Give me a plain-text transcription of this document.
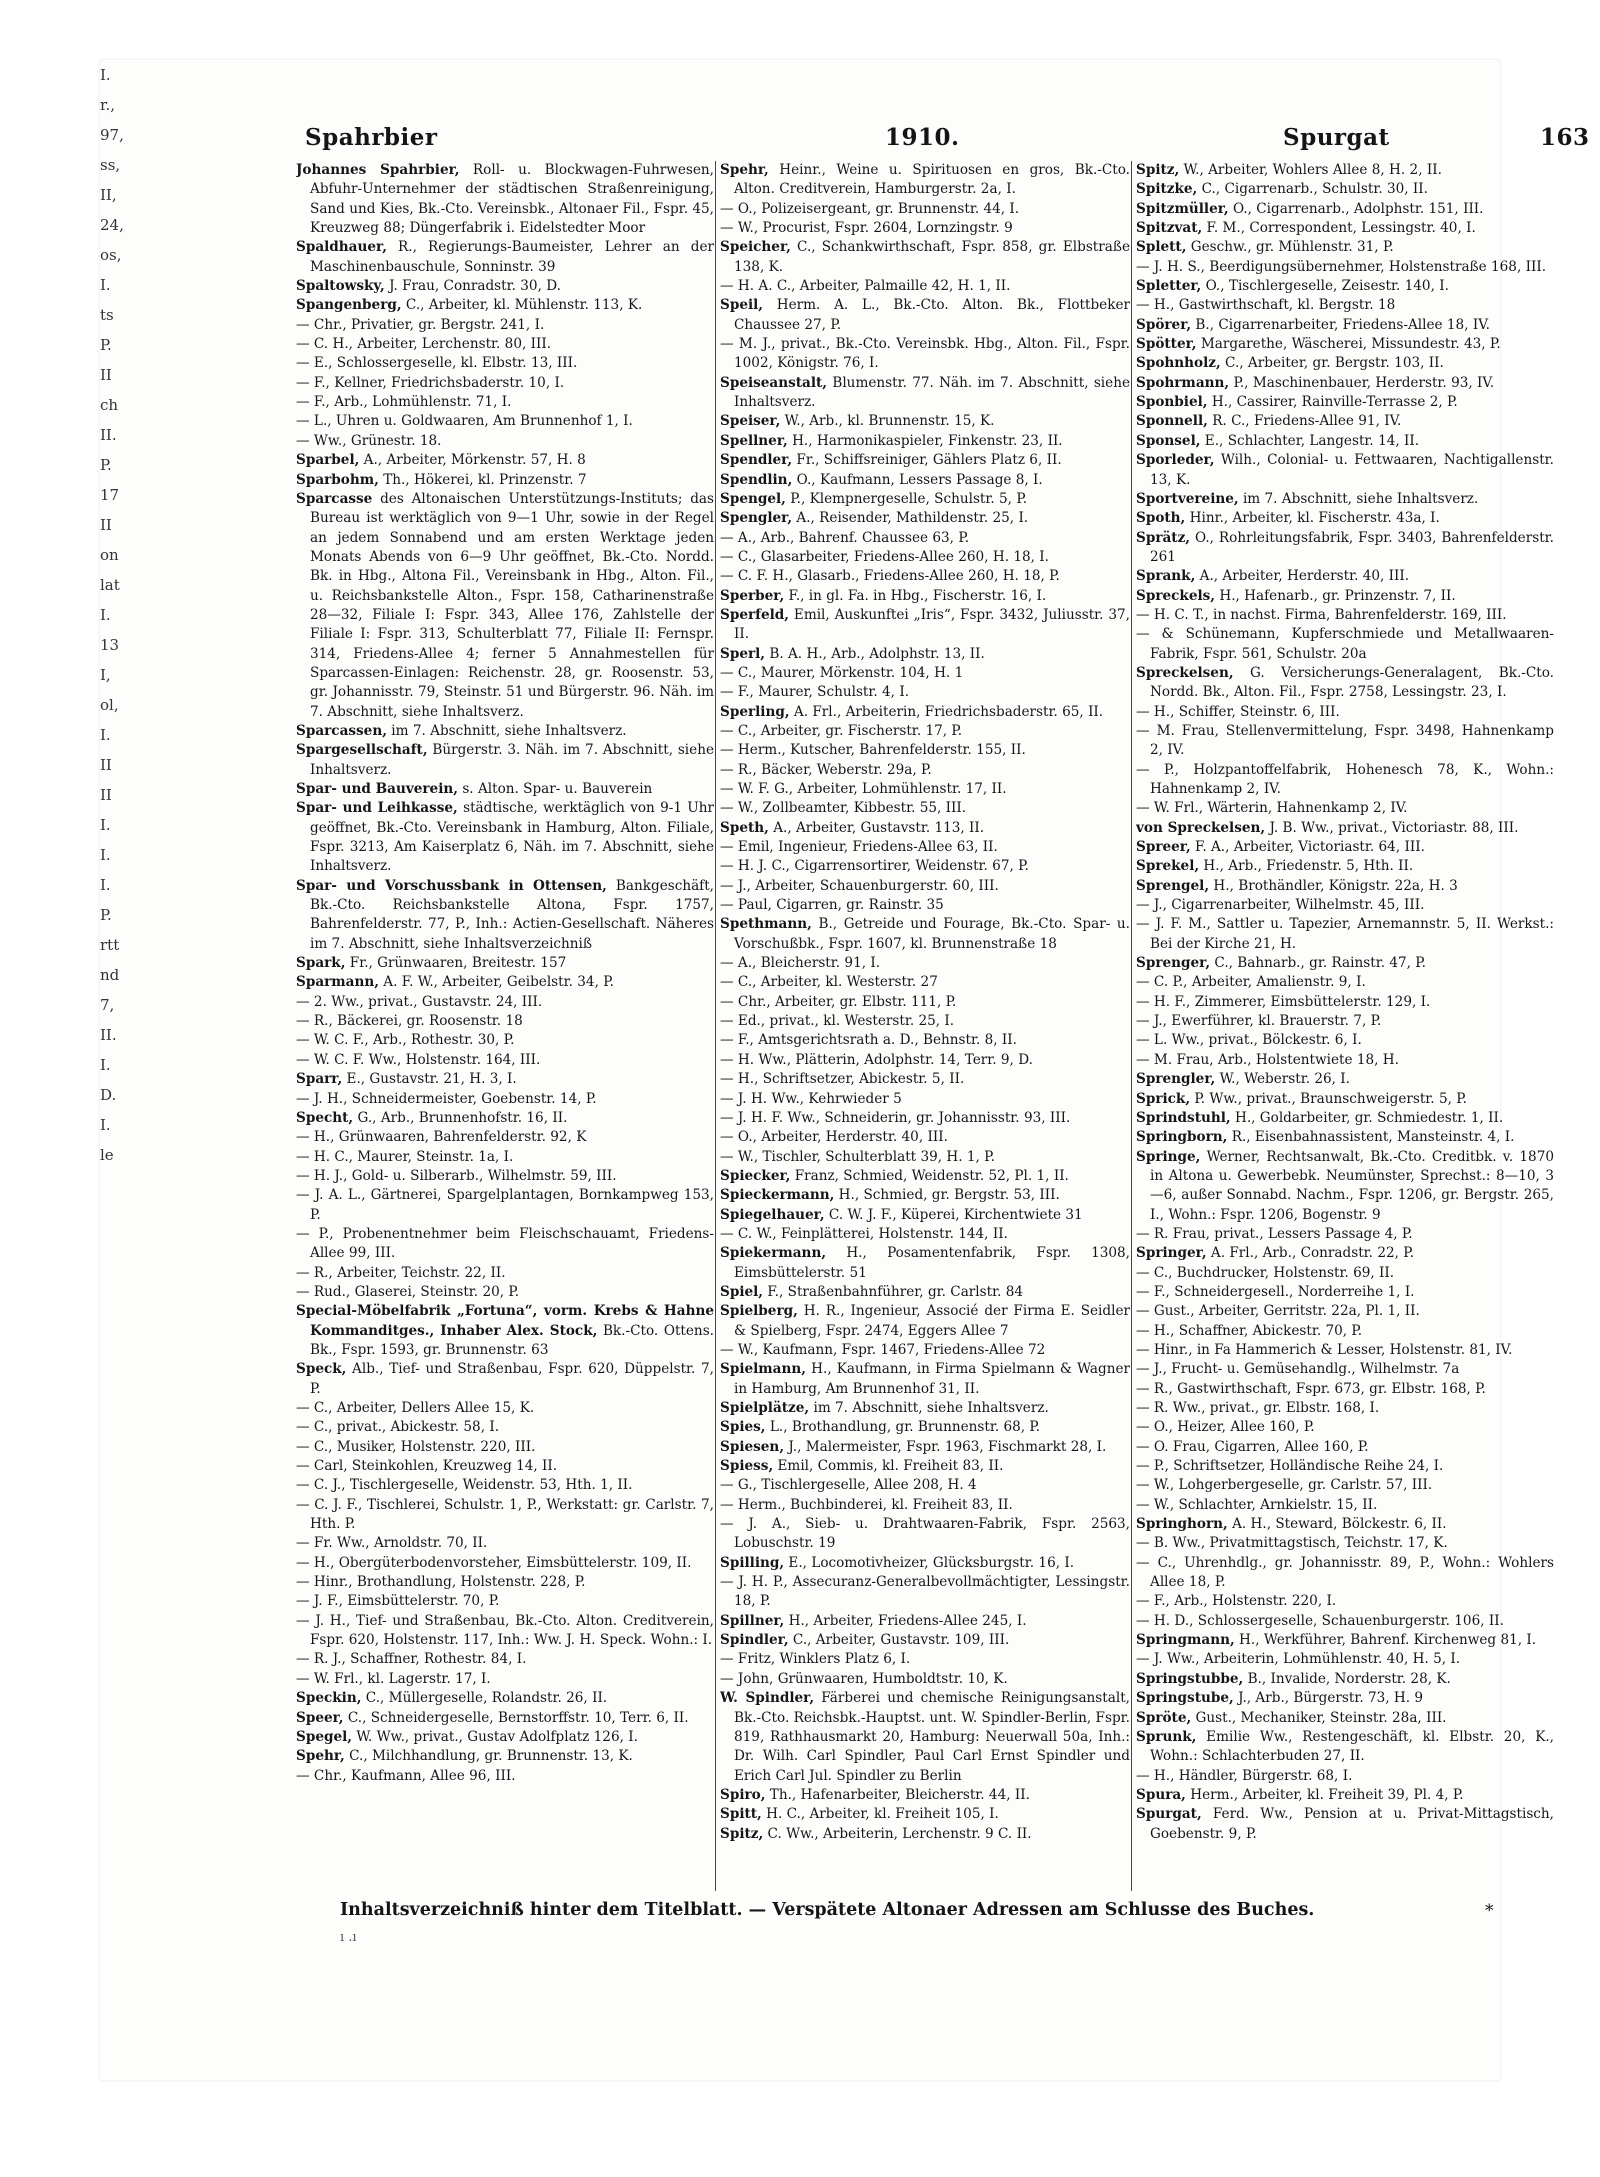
I.
r.,
97,
ss,
II,
24,
os,
I.
ts
P.
II
ch
II.
P.
17
II
on
lat
I.
13
I,
ol,
I.
II
II
I.
I.
I.
P.
rtt
nd
7,
II.
I.
D.
I.
le
Spahrbier	1910.	Spurgat	163

Johannes Spahrbier, Roll- u. Blockwagen-Fuhrwesen, Abfuhr-Unternehmer der städtischen Straßenreinigung, Sand und Kies, Bk.-Cto. Vereinsbk., Altonaer Fil., Fspr. 45, Kreuzweg 88; Düngerfabrik i. Eidelstedter Moor

Spaldhauer, R., Regierungs-Baumeister, Lehrer an der Maschinenbauschule, Sonninstr. 39

Spaltowsky, J. Frau, Conradstr. 30, D.

Spangenberg, C., Arbeiter, kl. Mühlenstr. 113, K.

— Chr., Privatier, gr. Bergstr. 241, I.

— C. H., Arbeiter, Lerchenstr. 80, III.

— E., Schlossergeselle, kl. Elbstr. 13, III.

— F., Kellner, Friedrichsbaderstr. 10, I.

— F., Arb., Lohmühlenstr. 71, I.

— L., Uhren u. Goldwaaren, Am Brunnenhof 1, I.

— Ww., Grünestr. 18.

Sparbel, A., Arbeiter, Mörkenstr. 57, H. 8

Sparbohm, Th., Hökerei, kl. Prinzenstr. 7

Sparcasse des Altonaischen Unterstützungs-Instituts; das Bureau ist werktäglich von 9—1 Uhr, sowie in der Regel an jedem Sonnabend und am ersten Werktage jeden Monats Abends von 6—9 Uhr geöffnet, Bk.-Cto. Nordd. Bk. in Hbg., Altona Fil., Vereinsbank in Hbg., Alton. Fil., u. Reichsbankstelle Alton., Fspr. 158, Catharinenstraße 28—32, Filiale I: Fspr. 343, Allee 176, Zahlstelle der Filiale I: Fspr. 313, Schulterblatt 77, Filiale II: Fernspr. 314, Friedens-Allee 4; ferner 5 Annahmestellen für Sparcassen-Einlagen: Reichenstr. 28, gr. Roosenstr. 53, gr. Johannisstr. 79, Steinstr. 51 und Bürgerstr. 96. Näh. im 7. Abschnitt, siehe Inhaltsverz.

Sparcassen, im 7. Abschnitt, siehe Inhaltsverz.

Spargesellschaft, Bürgerstr. 3. Näh. im 7. Abschnitt, siehe Inhaltsverz.

Spar- und Bauverein, s. Alton. Spar- u. Bauverein

Spar- und Leihkasse, städtische, werktäglich von 9-1 Uhr geöffnet, Bk.-Cto. Vereinsbank in Hamburg, Alton. Filiale, Fspr. 3213, Am Kaiserplatz 6, Näh. im 7. Abschnitt, siehe Inhaltsverz.

Spar- und Vorschussbank in Ottensen, Bankgeschäft, Bk.-Cto. Reichsbankstelle Altona, Fspr. 1757, Bahrenfelderstr. 77, P., Inh.: Actien-Gesellschaft. Näheres im 7. Abschnitt, siehe Inhaltsverzeichniß

Spark, Fr., Grünwaaren, Breitestr. 157

Sparmann, A. F. W., Arbeiter, Geibelstr. 34, P.

— 2. Ww., privat., Gustavstr. 24, III.

— R., Bäckerei, gr. Roosenstr. 18

— W. C. F., Arb., Rothestr. 30, P.

— W. C. F. Ww., Holstenstr. 164, III.

Sparr, E., Gustavstr. 21, H. 3, I.

— J. H., Schneidermeister, Goebenstr. 14, P.

Specht, G., Arb., Brunnenhofstr. 16, II.

— H., Grünwaaren, Bahrenfelderstr. 92, K

— H. C., Maurer, Steinstr. 1a, I.

— H. J., Gold- u. Silberarb., Wilhelmstr. 59, III.

— J. A. L., Gärtnerei, Spargelplantagen, Bornkampweg 153, P.

— P., Probenentnehmer beim Fleischschauamt, Friedens-Allee 99, III.

— R., Arbeiter, Teichstr. 22, II.

— Rud., Glaserei, Steinstr. 20, P.

Special-Möbelfabrik „Fortuna“, vorm. Krebs & Hahne Kommanditges., Inhaber Alex. Stock, Bk.-Cto. Ottens. Bk., Fspr. 1593, gr. Brunnenstr. 63

Speck, Alb., Tief- und Straßenbau, Fspr. 620, Düppelstr. 7, P.

— C., Arbeiter, Dellers Allee 15, K.

— C., privat., Abickestr. 58, I.

— C., Musiker, Holstenstr. 220, III.

— Carl, Steinkohlen, Kreuzweg 14, II.

— C. J., Tischlergeselle, Weidenstr. 53, Hth. 1, II.

— C. J. F., Tischlerei, Schulstr. 1, P., Werkstatt: gr. Carlstr. 7, Hth. P.

— Fr. Ww., Arnoldstr. 70, II.

— H., Obergüterbodenvorsteher, Eimsbüttelerstr. 109, II.

— Hinr., Brothandlung, Holstenstr. 228, P.

— J. F., Eimsbüttelerstr. 70, P.

— J. H., Tief- und Straßenbau, Bk.-Cto. Alton. Creditverein, Fspr. 620, Holstenstr. 117, Inh.: Ww. J. H. Speck. Wohn.: I.

— R. J., Schaffner, Rothestr. 84, I.

— W. Frl., kl. Lagerstr. 17, I.

Speckin, C., Müllergeselle, Rolandstr. 26, II.

Speer, C., Schneidergeselle, Bernstorffstr. 10, Terr. 6, II.

Spegel, W. Ww., privat., Gustav Adolfplatz 126, I.

Spehr, C., Milchhandlung, gr. Brunnenstr. 13, K.

— Chr., Kaufmann, Allee 96, III.

Spehr, Heinr., Weine u. Spirituosen en gros, Bk.-Cto. Alton. Creditverein, Hamburgerstr. 2a, I.

— O., Polizeisergeant, gr. Brunnenstr. 44, I.

— W., Procurist, Fspr. 2604, Lornzingstr. 9

Speicher, C., Schankwirthschaft, Fspr. 858, gr. Elbstraße 138, K.

— H. A. C., Arbeiter, Palmaille 42, H. 1, II.

Speil, Herm. A. L., Bk.-Cto. Alton. Bk., Flottbeker Chaussee 27, P.

— M. J., privat., Bk.-Cto. Vereinsbk. Hbg., Alton. Fil., Fspr. 1002, Königstr. 76, I.

Speiseanstalt, Blumenstr. 77. Näh. im 7. Abschnitt, siehe Inhaltsverz.

Speiser, W., Arb., kl. Brunnenstr. 15, K.

Spellner, H., Harmonikaspieler, Finkenstr. 23, II.

Spendler, Fr., Schiffsreiniger, Gählers Platz 6, II.

Spendlin, O., Kaufmann, Lessers Passage 8, I.

Spengel, P., Klempnergeselle, Schulstr. 5, P.

Spengler, A., Reisender, Mathildenstr. 25, I.

— A., Arb., Bahrenf. Chaussee 63, P.

— C., Glasarbeiter, Friedens-Allee 260, H. 18, I.

— C. F. H., Glasarb., Friedens-Allee 260, H. 18, P.

Sperber, F., in gl. Fa. in Hbg., Fischerstr. 16, I.

Sperfeld, Emil, Auskunftei „Iris“, Fspr. 3432, Juliusstr. 37, II.

Sperl, B. A. H., Arb., Adolphstr. 13, II.

— C., Maurer, Mörkenstr. 104, H. 1

— F., Maurer, Schulstr. 4, I.

Sperling, A. Frl., Arbeiterin, Friedrichsbaderstr. 65, II.

— C., Arbeiter, gr. Fischerstr. 17, P.

— Herm., Kutscher, Bahrenfelderstr. 155, II.

— R., Bäcker, Weberstr. 29a, P.

— W. F. G., Arbeiter, Lohmühlenstr. 17, II.

— W., Zollbeamter, Kibbestr. 55, III.

Speth, A., Arbeiter, Gustavstr. 113, II.

— Emil, Ingenieur, Friedens-Allee 63, II.

— H. J. C., Cigarrensortirer, Weidenstr. 67, P.

— J., Arbeiter, Schauenburgerstr. 60, III.

— Paul, Cigarren, gr. Rainstr. 35

Spethmann, B., Getreide und Fourage, Bk.-Cto. Spar- u. Vorschußbk., Fspr. 1607, kl. Brunnenstraße 18

— A., Bleicherstr. 91, I.

— C., Arbeiter, kl. Westerstr. 27

— Chr., Arbeiter, gr. Elbstr. 111, P.

— Ed., privat., kl. Westerstr. 25, I.

— F., Amtsgerichtsrath a. D., Behnstr. 8, II.

— H. Ww., Plätterin, Adolphstr. 14, Terr. 9, D.

— H., Schriftsetzer, Abickestr. 5, II.

— J. H. Ww., Kehrwieder 5

— J. H. F. Ww., Schneiderin, gr. Johannisstr. 93, III.

— O., Arbeiter, Herderstr. 40, III.

— W., Tischler, Schulterblatt 39, H. 1, P.

Spiecker, Franz, Schmied, Weidenstr. 52, Pl. 1, II.

Spieckermann, H., Schmied, gr. Bergstr. 53, III.

Spiegelhauer, C. W. J. F., Küperei, Kirchentwiete 31

— C. W., Feinplätterei, Holstenstr. 144, II.

Spiekermann, H., Posamentenfabrik, Fspr. 1308, Eimsbüttelerstr. 51

Spiel, F., Straßenbahnführer, gr. Carlstr. 84

Spielberg, H. R., Ingenieur, Associé der Firma E. Seidler & Spielberg, Fspr. 2474, Eggers Allee 7

— W., Kaufmann, Fspr. 1467, Friedens-Allee 72

Spielmann, H., Kaufmann, in Firma Spielmann & Wagner in Hamburg, Am Brunnenhof 31, II.

Spielplätze, im 7. Abschnitt, siehe Inhaltsverz.

Spies, L., Brothandlung, gr. Brunnenstr. 68, P.

Spiesen, J., Malermeister, Fspr. 1963, Fischmarkt 28, I.

Spiess, Emil, Commis, kl. Freiheit 83, II.

— G., Tischlergeselle, Allee 208, H. 4

— Herm., Buchbinderei, kl. Freiheit 83, II.

— J. A., Sieb- u. Drahtwaaren-Fabrik, Fspr. 2563, Lobuschstr. 19

Spilling, E., Locomotivheizer, Glücksburgstr. 16, I.

— J. H. P., Assecuranz-Generalbevollmächtigter, Lessingstr. 18, P.

Spillner, H., Arbeiter, Friedens-Allee 245, I.

Spindler, C., Arbeiter, Gustavstr. 109, III.

— Fritz, Winklers Platz 6, I.

— John, Grünwaaren, Humboldtstr. 10, K.

W. Spindler, Färberei und chemische Reinigungsanstalt, Bk.-Cto. Reichsbk.-Hauptst. unt. W. Spindler-Berlin, Fspr. 819, Rathhausmarkt 20, Hamburg: Neuerwall 50a, Inh.: Dr. Wilh. Carl Spindler, Paul Carl Ernst Spindler und Erich Carl Jul. Spindler zu Berlin

Spiro, Th., Hafenarbeiter, Bleicherstr. 44, II.

Spitt, H. C., Arbeiter, kl. Freiheit 105, I.

Spitz, C. Ww., Arbeiterin, Lerchenstr. 9 C. II.

Spitz, W., Arbeiter, Wohlers Allee 8, H. 2, II.

Spitzke, C., Cigarrenarb., Schulstr. 30, II.

Spitzmüller, O., Cigarrenarb., Adolphstr. 151, III.

Spitzvat, F. M., Correspondent, Lessingstr. 40, I.

Splett, Geschw., gr. Mühlenstr. 31, P.

— J. H. S., Beerdigungsübernehmer, Holstenstraße 168, III.

Spletter, O., Tischlergeselle, Zeisestr. 140, I.

— H., Gastwirthschaft, kl. Bergstr. 18

Spörer, B., Cigarrenarbeiter, Friedens-Allee 18, IV.

Spötter, Margarethe, Wäscherei, Missundestr. 43, P.

Spohnholz, C., Arbeiter, gr. Bergstr. 103, II.

Spohrmann, P., Maschinenbauer, Herderstr. 93, IV.

Sponbiel, H., Cassirer, Rainville-Terrasse 2, P.

Sponnell, R. C., Friedens-Allee 91, IV.

Sponsel, E., Schlachter, Langestr. 14, II.

Sporleder, Wilh., Colonial- u. Fettwaaren, Nachtigallenstr. 13, K.

Sportvereine, im 7. Abschnitt, siehe Inhaltsverz.

Spoth, Hinr., Arbeiter, kl. Fischerstr. 43a, I.

Sprätz, O., Rohrleitungsfabrik, Fspr. 3403, Bahrenfelderstr. 261

Sprank, A., Arbeiter, Herderstr. 40, III.

Spreckels, H., Hafenarb., gr. Prinzenstr. 7, II.

— H. C. T., in nachst. Firma, Bahrenfelderstr. 169, III.

— & Schünemann, Kupferschmiede und Metallwaaren-Fabrik, Fspr. 561, Schulstr. 20a

Spreckelsen, G. Versicherungs-Generalagent, Bk.-Cto. Nordd. Bk., Alton. Fil., Fspr. 2758, Lessingstr. 23, I.

— H., Schiffer, Steinstr. 6, III.

— M. Frau, Stellenvermittelung, Fspr. 3498, Hahnenkamp 2, IV.

— P., Holzpantoffelfabrik, Hohenesch 78, K., Wohn.: Hahnenkamp 2, IV.

— W. Frl., Wärterin, Hahnenkamp 2, IV.

von Spreckelsen, J. B. Ww., privat., Victoriastr. 88, III.

Spreer, F. A., Arbeiter, Victoriastr. 64, III.

Sprekel, H., Arb., Friedenstr. 5, Hth. II.

Sprengel, H., Brothändler, Königstr. 22a, H. 3

— J., Cigarrenarbeiter, Wilhelmstr. 45, III.

— J. F. M., Sattler u. Tapezier, Arnemannstr. 5, II. Werkst.: Bei der Kirche 21, H.

Sprenger, C., Bahnarb., gr. Rainstr. 47, P.

— C. P., Arbeiter, Amalienstr. 9, I.

— H. F., Zimmerer, Eimsbüttelerstr. 129, I.

— J., Ewerführer, kl. Brauerstr. 7, P.

— L. Ww., privat., Bölckestr. 6, I.

— M. Frau, Arb., Holstentwiete 18, H.

Sprengler, W., Weberstr. 26, I.

Sprick, P. Ww., privat., Braunschweigerstr. 5, P.

Sprindstuhl, H., Goldarbeiter, gr. Schmiedestr. 1, II.

Springborn, R., Eisenbahnassistent, Mansteinstr. 4, I.

Springe, Werner, Rechtsanwalt, Bk.-Cto. Creditbk. v. 1870 in Altona u. Gewerbebk. Neumünster, Sprechst.: 8—10, 3—6, außer Sonnabd. Nachm., Fspr. 1206, gr. Bergstr. 265, I., Wohn.: Fspr. 1206, Bogenstr. 9

— R. Frau, privat., Lessers Passage 4, P.

Springer, A. Frl., Arb., Conradstr. 22, P.

— C., Buchdrucker, Holstenstr. 69, II.

— F., Schneidergesell., Norderreihe 1, I.

— Gust., Arbeiter, Gerritstr. 22a, Pl. 1, II.

— H., Schaffner, Abickestr. 70, P.

— Hinr., in Fa Hammerich & Lesser, Holstenstr. 81, IV.

— J., Frucht- u. Gemüsehandlg., Wilhelmstr. 7a

— R., Gastwirthschaft, Fspr. 673, gr. Elbstr. 168, P.

— R. Ww., privat., gr. Elbstr. 168, I.

— O., Heizer, Allee 160, P.

— O. Frau, Cigarren, Allee 160, P.

— P., Schriftsetzer, Holländische Reihe 24, I.

— W., Lohgerbergeselle, gr. Carlstr. 57, III.

— W., Schlachter, Arnkielstr. 15, II.

Springhorn, A. H., Steward, Bölckestr. 6, II.

— B. Ww., Privatmittagstisch, Teichstr. 17, K.

— C., Uhrenhdlg., gr. Johannisstr. 89, P., Wohn.: Wohlers Allee 18, P.

— F., Arb., Holstenstr. 220, I.

— H. D., Schlossergeselle, Schauenburgerstr. 106, II.

Springmann, H., Werkführer, Bahrenf. Kirchenweg 81, I.

— J. Ww., Arbeiterin, Lohmühlenstr. 40, H. 5, I.

Springstubbe, B., Invalide, Norderstr. 28, K.

Springstube, J., Arb., Bürgerstr. 73, H. 9

Spröte, Gust., Mechaniker, Steinstr. 28a, III.

Sprunk, Emilie Ww., Restengeschäft, kl. Elbstr. 20, K., Wohn.: Schlachterbuden 27, II.

— H., Händler, Bürgerstr. 68, I.

Spura, Herm., Arbeiter, kl. Freiheit 39, Pl. 4, P.

Spurgat, Ferd. Ww., Pension at u. Privat-Mittagstisch, Goebenstr. 9, P.

Inhaltsverzeichniß hinter dem Titelblatt. — Verspätete Altonaer Adressen am Schlusse des Buches.	*
ı .ı
